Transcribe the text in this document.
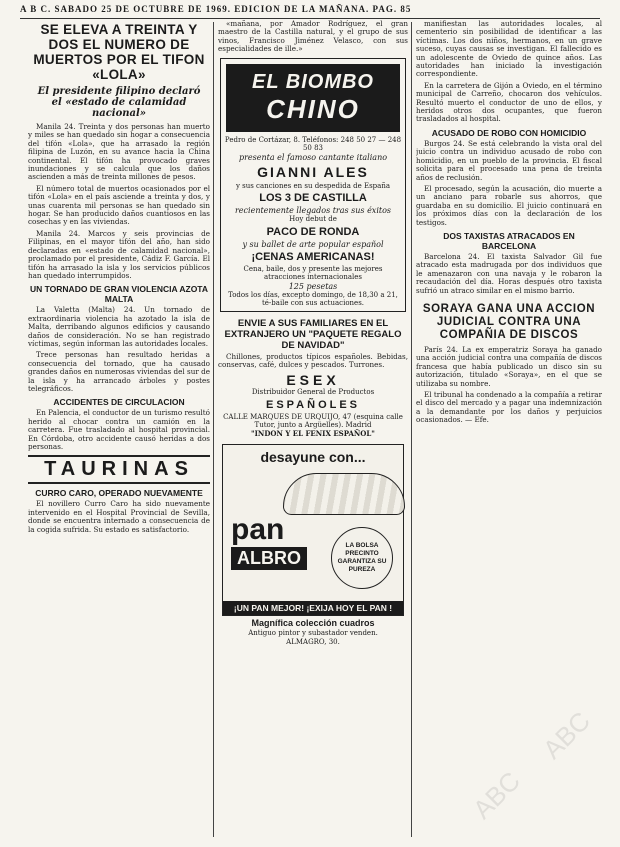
A B C. SABADO 25 DE OCTUBRE DE 1969. EDICION DE LA MAÑANA. PAG. 85
SE ELEVA A TREINTA Y DOS EL NUMERO DE MUERTOS POR EL TIFON «LOLA»
El presidente filipino declaró el «estado de calamidad nacional»

Manila 24. Treinta y dos personas han muerto y miles se han quedado sin hogar a consecuencia del tifón «Lola», que ha arrasado la región filipina de Luzón, en su avance hacia la China continental. El tifón ha provocado graves inundaciones y se calcula que los daños ascienden a más de treinta millones de pesos.

El número total de muertos ocasionados por el tifón «Lola» en el país asciende a treinta y dos, y unas cuarenta mil personas se han quedado sin hogar. Se han producido daños cuantiosos en las cosechas y en las viviendas.

Manila 24. Marcos y seis provincias de Filipinas, en el mayor tifón del año, han sido declaradas en «estado de calamidad nacional», proclamado por el presidente, Cádiz F. García. El tifón ha arrasado la isla y los servicios públicos han quedado interrumpidos.

UN TORNADO DE GRAN VIOLENCIA AZOTA MALTA

La Valetta (Malta) 24. Un tornado de extraordinaria violencia ha azotado la isla de Malta, derribando algunos edificios y causando daños de consideración. No se han registrado víctimas, según informan las autoridades locales.

Trece personas han resultado heridas a consecuencia del tornado, que ha causado grandes daños en numerosas viviendas del sur de la isla y ha arrancado árboles y postes telegráficos.

ACCIDENTES DE CIRCULACION

En Palencia, el conductor de un turismo resultó herido al chocar contra un camión en la carretera. Fue trasladado al hospital provincial. En Córdoba, otro accidente causó heridas a dos personas.

TAURINAS
CURRO CARO, OPERADO NUEVAMENTE

El novillero Curro Caro ha sido nuevamente intervenido en el Hospital Provincial de Sevilla, donde se encuentra internado a consecuencia de la cogida sufrida. Su estado es satisfactorio.

«mañana, por Amador Rodríguez, el gran maestro de la Castilla natural, y el grupo de sus vinos, Francisco Jiménez Velasco, con sus especialidades de ille.»

EL BIOMBO
CHINO
Pedro de Cortázar, 8. Teléfonos: 248 50 27 — 248 50 83
presenta el famoso cantante italiano
GIANNI ALES
y sus canciones en su despedida de España
LOS 3 DE CASTILLA
recientemente llegados tras sus éxitos
Hoy debut de
PACO DE RONDA
y su ballet de arte popular español
¡CENAS AMERICANAS!
Cena, baile, dos y presente las mejores atracciones internacionales
125 pesetas
Todos los días, excepto domingo, de 18,30 a 21, té-baile con sus actuaciones.
ENVIE A SUS FAMILIARES EN EL EXTRANJERO UN "PAQUETE REGALO DE NAVIDAD"

Chillones, productos típicos españoles. Bebidas, conservas, café, dulces y pescados. Turrones.

ESEX
Distribuidor General de Productos
ESPAÑOLES
CALLE MARQUES DE URQUIJO, 47 (esquina calle Tutor, junto a Argüelles). Madrid
"INDON Y EL FENIX ESPAÑOL"
desayune con...
pan
ALBRO
LA BOLSA PRECINTO GARANTIZA SU PUREZA
¡UN PAN MEJOR! ¡EXIJA HOY EL PAN !
Magnífica colección cuadros
Antiguo pintor y subastador venden.
ALMAGRO, 30.

manifiestan las autoridades locales, al cementerio sin posibilidad de identificar a las víctimas. Los dos niños, hermanos, en un grave suceso, cuyas causas se investigan. El fallecido es un adolescente de Oviedo de quince años. Las autoridades han iniciado la investigación correspondiente.

En la carretera de Gijón a Oviedo, en el término municipal de Carreño, chocaron dos vehículos. Resultó muerto el conductor de uno de ellos, y heridos otros dos ocupantes, que fueron trasladados al hospital.

ACUSADO DE ROBO CON HOMICIDIO

Burgos 24. Se está celebrando la vista oral del juicio contra un individuo acusado de robo con homicidio, en un pueblo de la provincia. El fiscal solicita para el procesado una pena de treinta años de reclusión.

El procesado, según la acusación, dio muerte a un anciano para robarle sus ahorros, que guardaba en su domicilio. El juicio continuará en los próximos días con la declaración de los testigos.

DOS TAXISTAS ATRACADOS EN BARCELONA

Barcelona 24. El taxista Salvador Gil fue atracado esta madrugada por dos individuos que le amenazaron con una navaja y le robaron la recaudación del día. Horas después otro taxista sufrió un atraco similar en el mismo barrio.

SORAYA GANA UNA ACCION JUDICIAL CONTRA UNA COMPAÑIA DE DISCOS

París 24. La ex emperatriz Soraya ha ganado una acción judicial contra una compañía de discos francesa que había publicado un disco sin su autorización, titulado «Soraya», en el que se utilizaba su nombre.

El tribunal ha condenado a la compañía a retirar el disco del mercado y a pagar una indemnización a la demandante por los daños y perjuicios ocasionados. — Efe.

ABC
ABC
